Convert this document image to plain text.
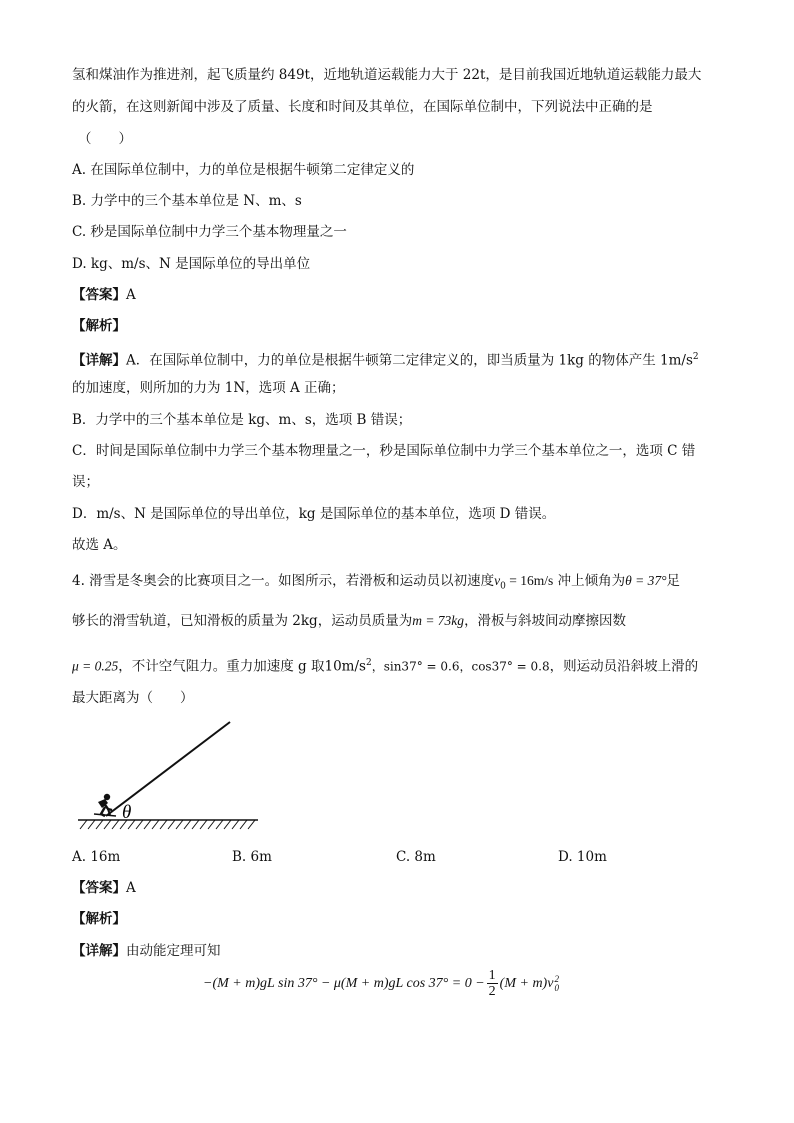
氢和煤油作为推进剂，起飞质量约 849t，近地轨道运载能力大于 22t，是目前我国近地轨道运载能力最大
的火箭，在这则新闻中涉及了质量、长度和时间及其单位，在国际单位制中，下列说法中正确的是
（　　）
A. 在国际单位制中，力的单位是根据牛顿第二定律定义的
B. 力学中的三个基本单位是 N、m、s
C. 秒是国际单位制中力学三个基本物理量之一
D. kg、m/s、N 是国际单位的导出单位
【答案】A
【解析】
【详解】A．在国际单位制中，力的单位是根据牛顿第二定律定义的，即当质量为 1kg 的物体产生 $1m/s^2$
的加速度，则所加的力为 1N，选项 A 正确；
B．力学中的三个基本单位是 kg、m、s，选项 B 错误；
C．时间是国际单位制中力学三个基本物理量之一，秒是国际单位制中力学三个基本单位之一，选项 C 错
误；
D．m/s、N 是国际单位的导出单位，kg 是国际单位的基本单位，选项 D 错误。
故选 A。
4. 滑雪是冬奥会的比赛项目之一。如图所示，若滑板和运动员以初速度$v_0 = 16m/s$ 冲上倾角为θ = 37°足
够长的滑雪轨道，已知滑板的质量为 2kg，运动员质量为m = 73kg，滑板与斜坡间动摩擦因数
μ = 0.25，不计空气阻力。重力加速度 g 取$10m/s^2$，sin37° = 0.6，cos37° = 0.8，则运动员沿斜坡上滑的
最大距离为（　　）
θ
A. 16m	B. 6m	C. 8m	D. 10m
【答案】A
【解析】
【详解】由动能定理可知
−(M + m)gL sin 37° − μ(M + m)gL $\cos 37^\circ = 0 - \frac{1}{2} (M + m)v$ 2
0
